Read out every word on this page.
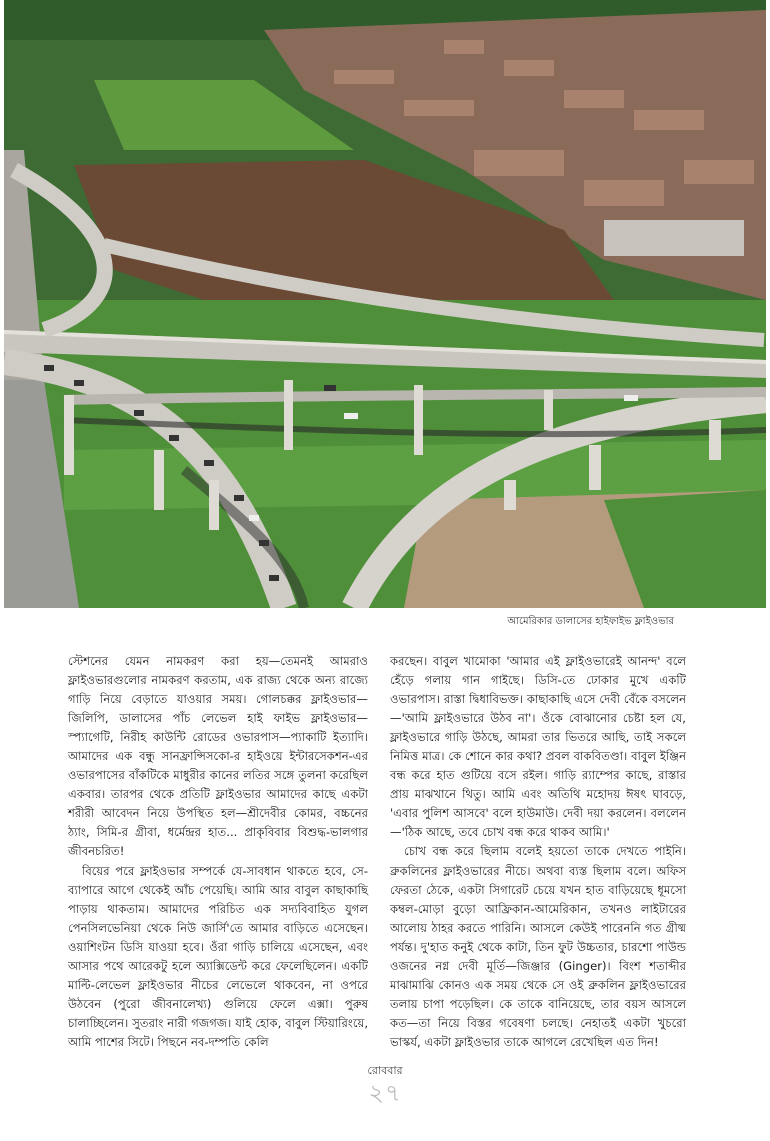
আমেরিকার ডালাসের হাইফাইভ ফ্লাইওভার

স্টেশনের যেমন নামকরণ করা হয়—তেমনই আমরাও ফ্লাইওভারগুলোর নামকরণ করতাম, এক রাজ্য থেকে অন্য রাজ্যে গাড়ি নিয়ে বেড়াতে যাওয়ার সময়। গোলচক্কর ফ্লাইওভার—জিলিপি, ডালাসের পাঁচ লেভেল হাই ফাইভ ফ্লাইওভার—স্প্যাগেটি, নিরীহ কাউন্টি রোডের ওভারপাস—প্যাকাটি ইত্যাদি। আমাদের এক বন্ধু সানফ্রান্সিসকো-র হাইওয়ে ইন্টারসেকশন-এর ওভারপাসের বাঁকটিকে মাধুরীর কানের লতির সঙ্গে তুলনা করেছিল একবার। তারপর থেকে প্রতিটি ফ্লাইওভার আমাদের কাছে একটা শরীরী আবেদন নিয়ে উপস্থিত হল—শ্রীদেবীর কোমর, বচ্চনের ঠ্যাং, সিমি-র গ্রীবা, ধর্মেন্দ্রর হাত... প্রাকৃবিবার বিশুদ্ধ-ভালগার জীবনচরিত!

বিয়ের পরে ফ্লাইওভার সম্পর্কে যে-সাবধান থাকতে হবে, সে-ব্যাপারে আগে থেকেই আঁচ পেয়েছি। আমি আর বাবুল কাছাকাছি পাড়ায় থাকতাম। আমাদের পরিচিত এক সদ্যবিবাহিত যুগল পেনসিলভেনিয়া থেকে নিউ জার্সি'তে আমার বাড়িতে এসেছেন। ওয়াশিংটন ডিসি যাওয়া হবে। ওঁরা গাড়ি চালিয়ে এসেছেন, এবং আসার পথে আরেকটু হলে অ্যাক্সিডেন্ট করে ফেলেছিলেন। একটি মাল্টি-লেভেল ফ্লাইওভার নীচের লেভেলে থাকবেন, না ওপরে উঠবেন (পুরো জীবনালেখ্য) গুলিয়ে ফেলে এক্সা। পুরুষ চালাচ্ছিলেন। সুতরাং নারী গজগজ। যাই হোক, বাবুল স্টিয়ারিংয়ে, আমি পাশের সিটে। পিছনে নব-দম্পতি কেলি

করছেন। বাবুল খামোকা 'আমার এই ফ্লাইওভারেই আনন্দ' বলে হেঁড়ে গলায় গান গাইছে। ডিসি-তে ঢোকার মুখে একটি ওভারপাস। রাস্তা দ্বিধাবিভক্ত। কাছাকাছি এসে দেবী বেঁকে বসলেন—'আমি ফ্লাইওভারে উঠব না'। ওঁকে বোঝানোর চেষ্টা হল যে, ফ্লাইওভারে গাড়ি উঠছে, আমরা তার ভিতরে আছি, তাই সকলে নিমিত্ত মাত্র। কে শোনে কার কথা? প্রবল বাকবিতণ্ডা। বাবুল ইঞ্জিন বন্ধ করে হাত গুটিয়ে বসে রইল। গাড়ি র‍্যাম্পের কাছে, রাস্তার প্রায় মাঝখানে থিতু। আমি এবং অতিথি মহোদয় ঈষৎ ঘাবড়ে, 'এবার পুলিশ আসবে' বলে হাউমাউ। দেবী দয়া করলেন। বললেন—'ঠিক আছে, তবে চোখ বন্ধ করে থাকব আমি।'

চোখ বন্ধ করে ছিলাম বলেই হয়তো তাকে দেখতে পাইনি। ব্রুকলিনের ফ্লাইওভারের নীচে। অথবা ব্যস্ত ছিলাম বলে। অফিস ফেরতা ঠেকে, একটা সিগারেট চেয়ে যখন হাত বাড়িয়েছে ধূমসো কম্বল-মোড়া বুড়ো আফ্রিকান-আমেরিকান, তখনও লাইটারের আলোয় ঠাহর করতে পারিনি। আসলে কেউই পারেননি গত গ্রীষ্ম পর্যন্ত। দু'হাত কনুই থেকে কাটা, তিন ফুট উচ্চতার, চারশো পাউন্ড ওজনের নগ্ন দেবী মূর্তি—জিঞ্জার (Ginger)। বিংশ শতাব্দীর মাঝামাঝি কোনও এক সময় থেকে সে ওই ব্রুকলিন ফ্লাইওভারের তলায় চাপা পড়েছিল। কে তাকে বানিয়েছে, তার বয়স আসলে কত—তা নিয়ে বিস্তর গবেষণা চলছে। নেহাতই একটা খুচরো ভাস্কর্য, একটা ফ্লাইওভার তাকে আগলে রেখেছিল এত দিন!

রোববার
২৭
